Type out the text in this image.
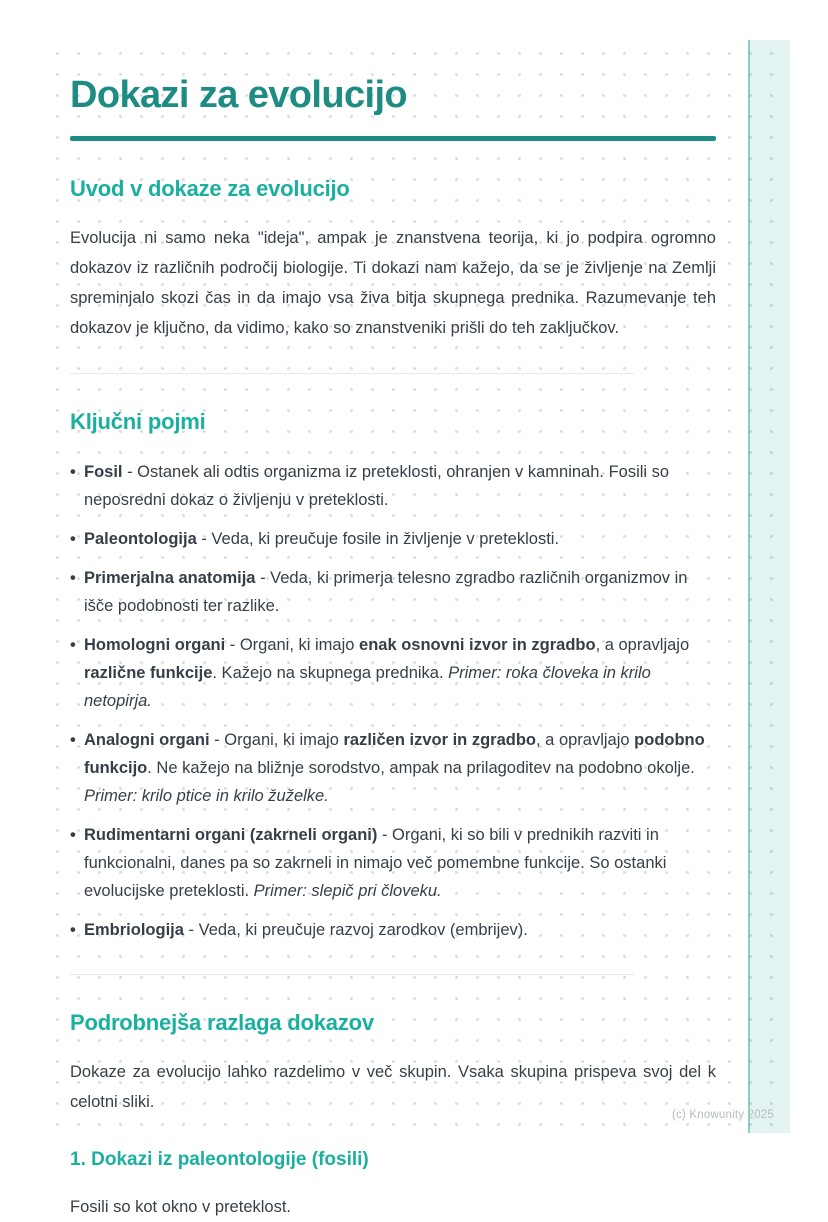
Dokazi za evolucijo
Uvod v dokaze za evolucijo

Evolucija ni samo neka "ideja", ampak je znanstvena teorija, ki jo podpira ogromno dokazov iz različnih področij biologije. Ti dokazi nam kažejo, da se je življenje na Zemlji spreminjalo skozi čas in da imajo vsa živa bitja skupnega prednika. Razumevanje teh dokazov je ključno, da vidimo, kako so znanstveniki prišli do teh zaključkov.

Ključni pojmi
• Fosil - Ostanek ali odtis organizma iz preteklosti, ohranjen v kamninah. Fosili so neposredni dokaz o življenju v preteklosti.
• Paleontologija - Veda, ki preučuje fosile in življenje v preteklosti.
• Primerjalna anatomija - Veda, ki primerja telesno zgradbo različnih organizmov in išče podobnosti ter razlike.
• Homologni organi - Organi, ki imajo enak osnovni izvor in zgradbo, a opravljajo različne funkcije. Kažejo na skupnega prednika. Primer: roka človeka in krilo netopirja.
• Analogni organi - Organi, ki imajo različen izvor in zgradbo, a opravljajo podobno funkcijo. Ne kažejo na bližnje sorodstvo, ampak na prilagoditev na podobno okolje. Primer: krilo ptice in krilo žuželke.
• Rudimentarni organi (zakrneli organi) - Organi, ki so bili v prednikih razviti in funkcionalni, danes pa so zakrneli in nimajo več pomembne funkcije. So ostanki evolucijske preteklosti. Primer: slepič pri človeku.
• Embriologija - Veda, ki preučuje razvoj zarodkov (embrijev).
Podrobnejša razlaga dokazov

Dokaze za evolucijo lahko razdelimo v več skupin. Vsaka skupina prispeva svoj del k celotni sliki.

1. Dokazi iz paleontologije (fosili)

Fosili so kot okno v preteklost.

(c) Knowunity 2025
